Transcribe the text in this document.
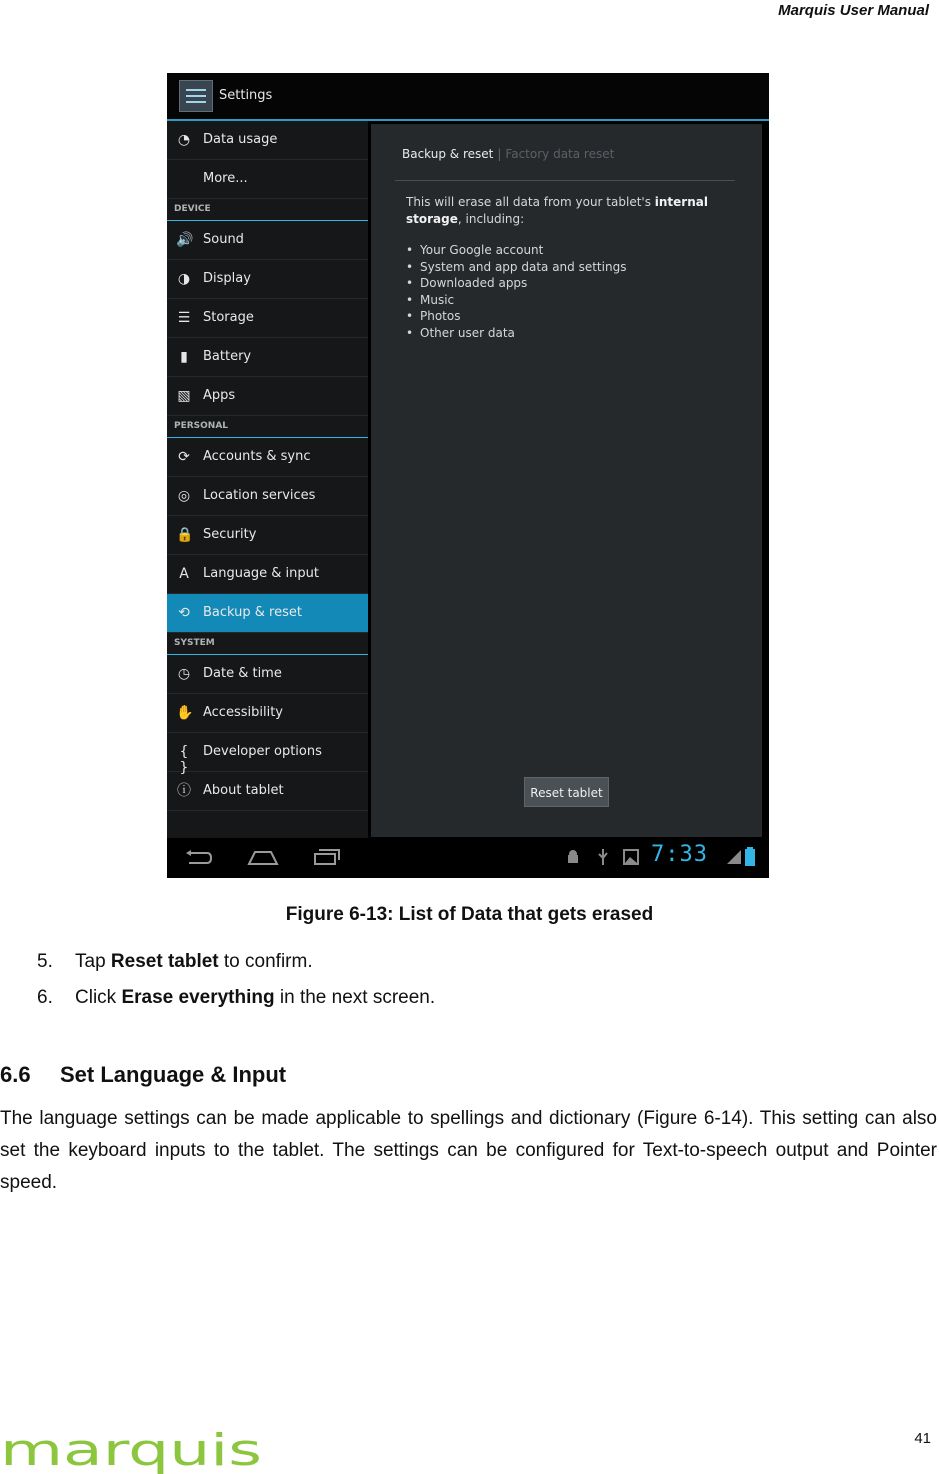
Marquis User Manual
Settings
◔ Data usage
More...
DEVICE
🔊 Sound
◑ Display
☰ Storage
▮	Battery
▧ Apps
PERSONAL
⟳ Accounts & sync
◎ Location services
🔒 Security
A Language & input
⟲ Backup & reset
SYSTEM
◷ Date & time
✋ Accessibility
{ }
Developer options
ⓘ About tablet
Backup & reset | Factory data reset
This will erase all data from your tablet's internal storage, including:
• Your Google account
• System and app data and settings
• Downloaded apps
• Music
• Photos
• Other user data
Reset tablet
7:33
Figure 6-13: List of Data that gets erased
5. Tap Reset tablet to confirm.
6. Click Erase everything in the next screen.
6.6 Set Language & Input
The language settings can be made applicable to spellings and dictionary (Figure 6-14). This setting can also set the keyboard inputs to the tablet. The settings can be configured for Text-to-speech output and Pointer speed.
41
marquis
